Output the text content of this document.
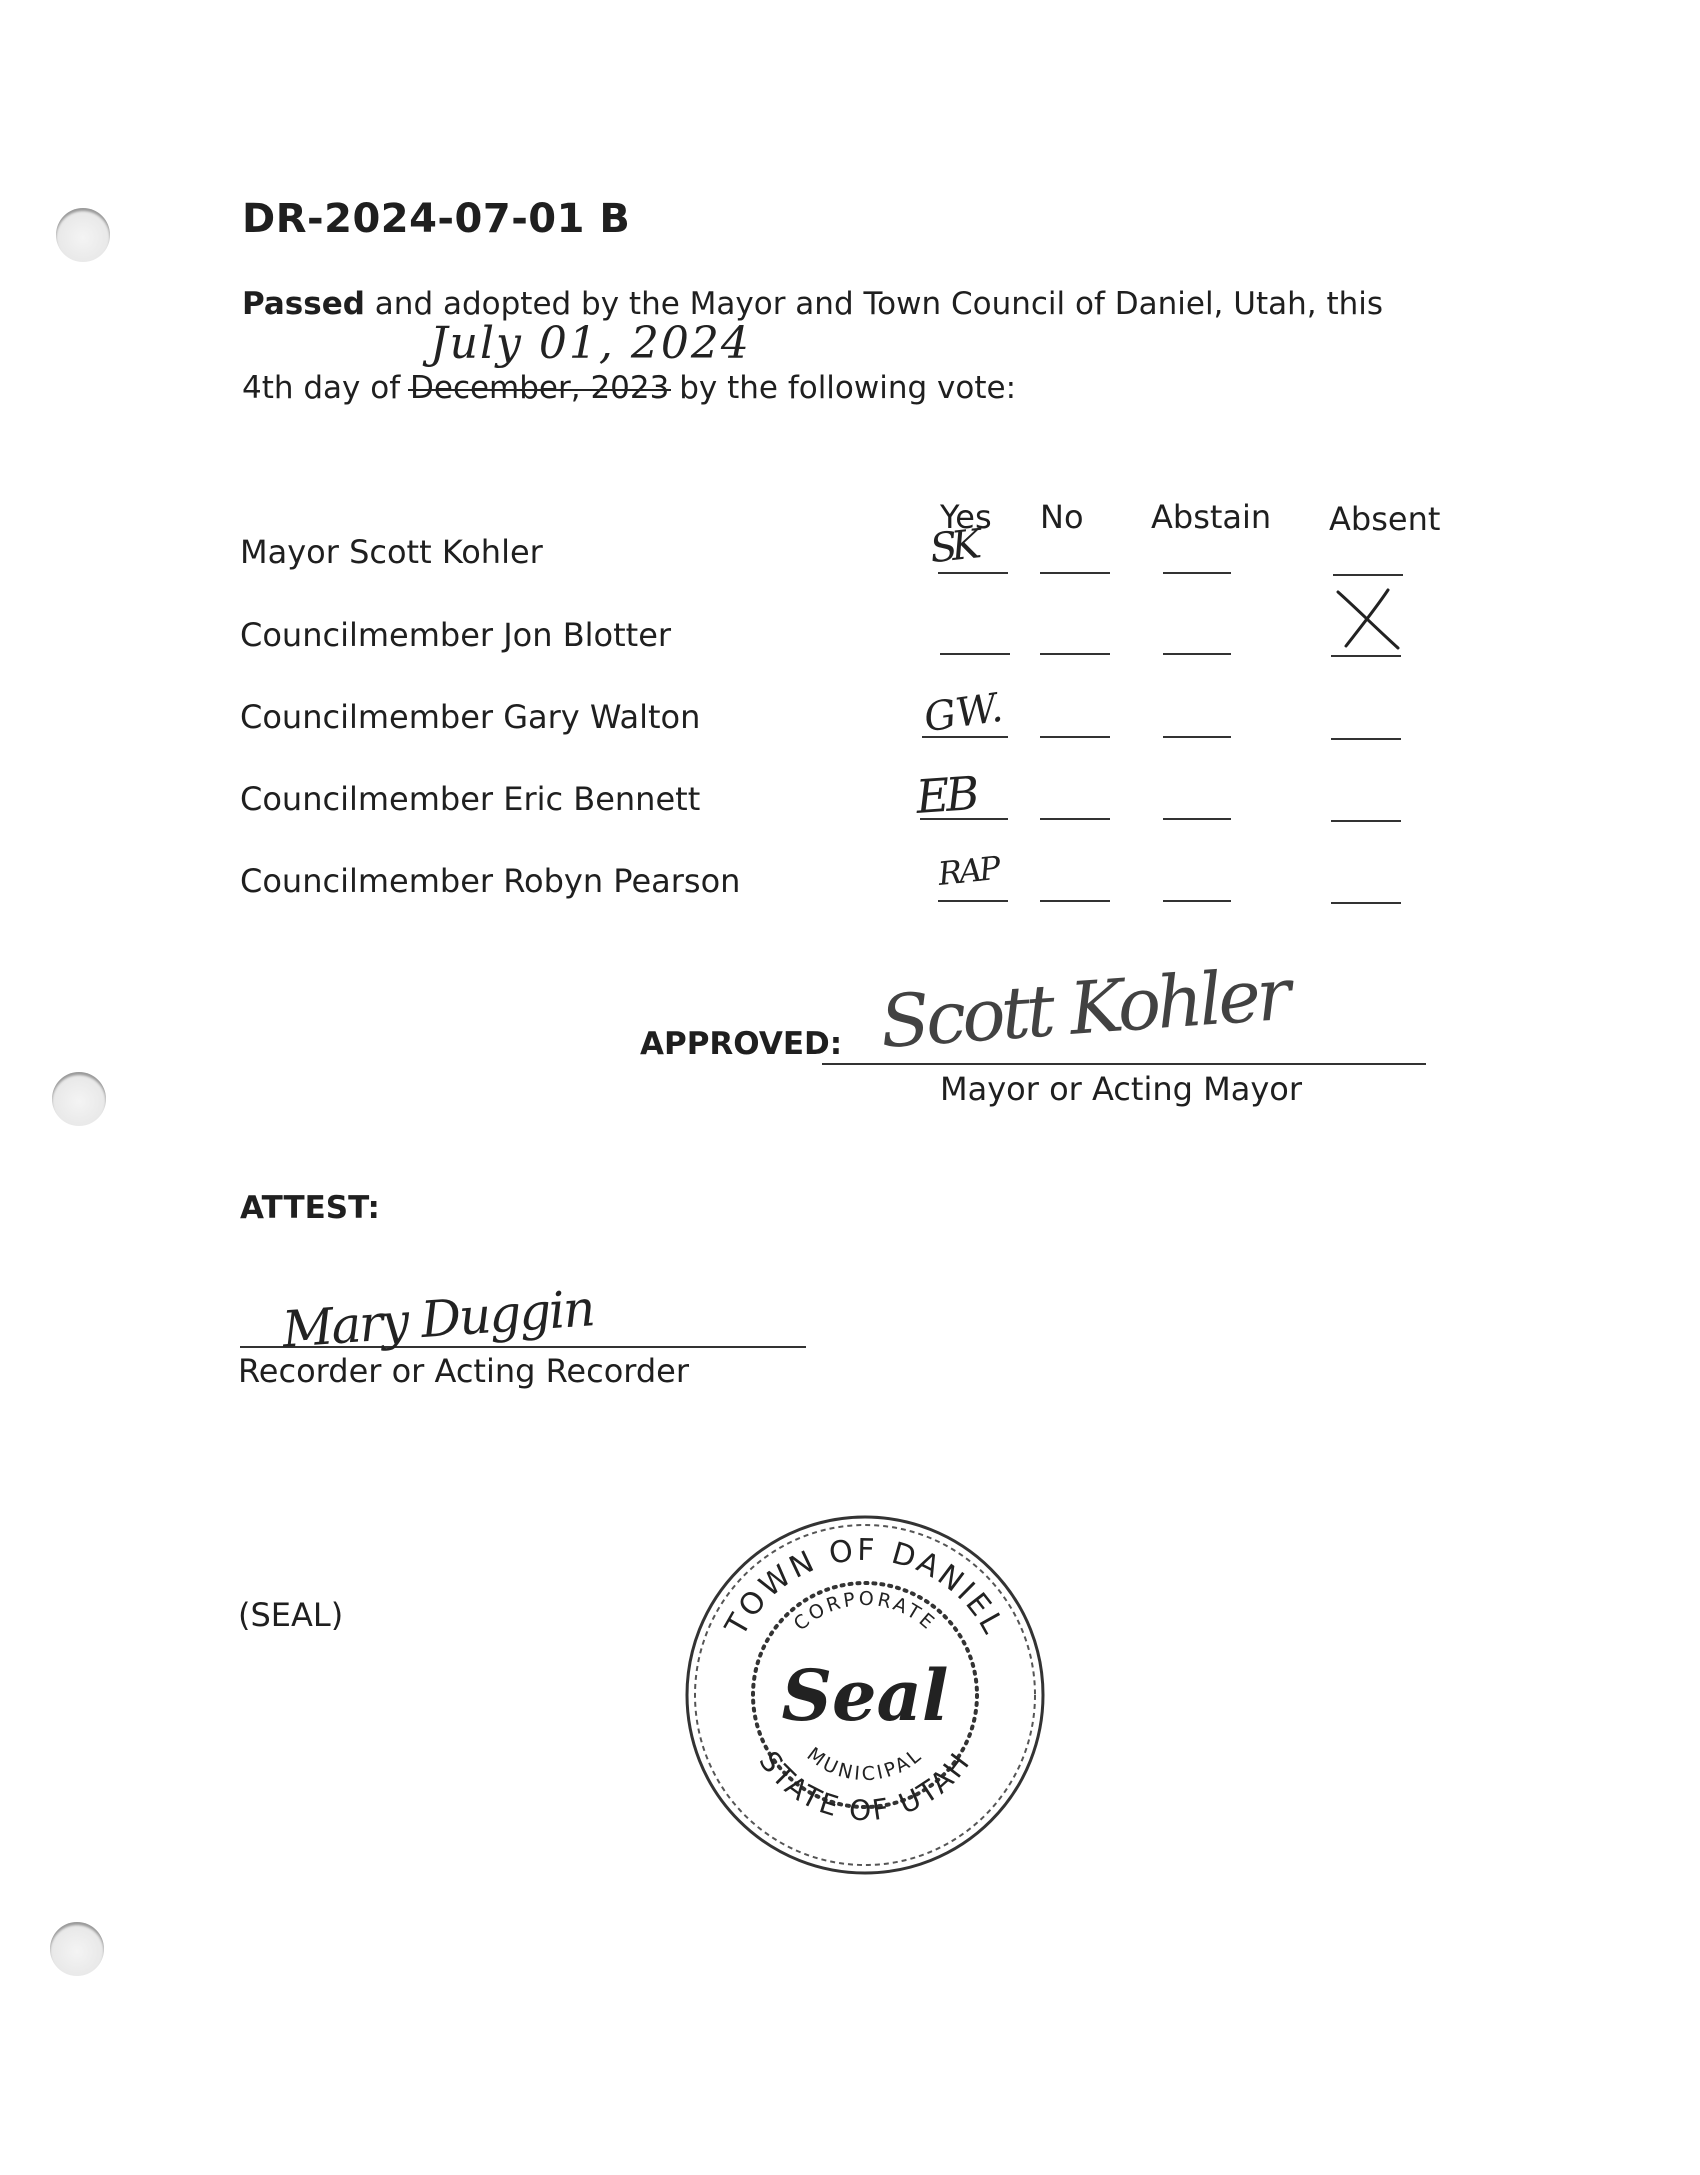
DR-2024-07-01 B
Passed and adopted by the Mayor and Town Council of Daniel, Utah, this
July 01, 2024
4th day of December, 2023 by the following vote:
Yes No Abstain Absent
Mayor Scott Kohler
Councilmember Jon Blotter
Councilmember Gary Walton
Councilmember Eric Bennett
Councilmember Robyn Pearson
SK
GW.
EB
RAP
APPROVED: Scott Kohler
Mayor or Acting Mayor
ATTEST:
Mary Duggin
Recorder or Acting Recorder
(SEAL)	TOWN OF DANIEL
STATE OF UTAH
CORPORATE
MUNICIPAL
Seal
